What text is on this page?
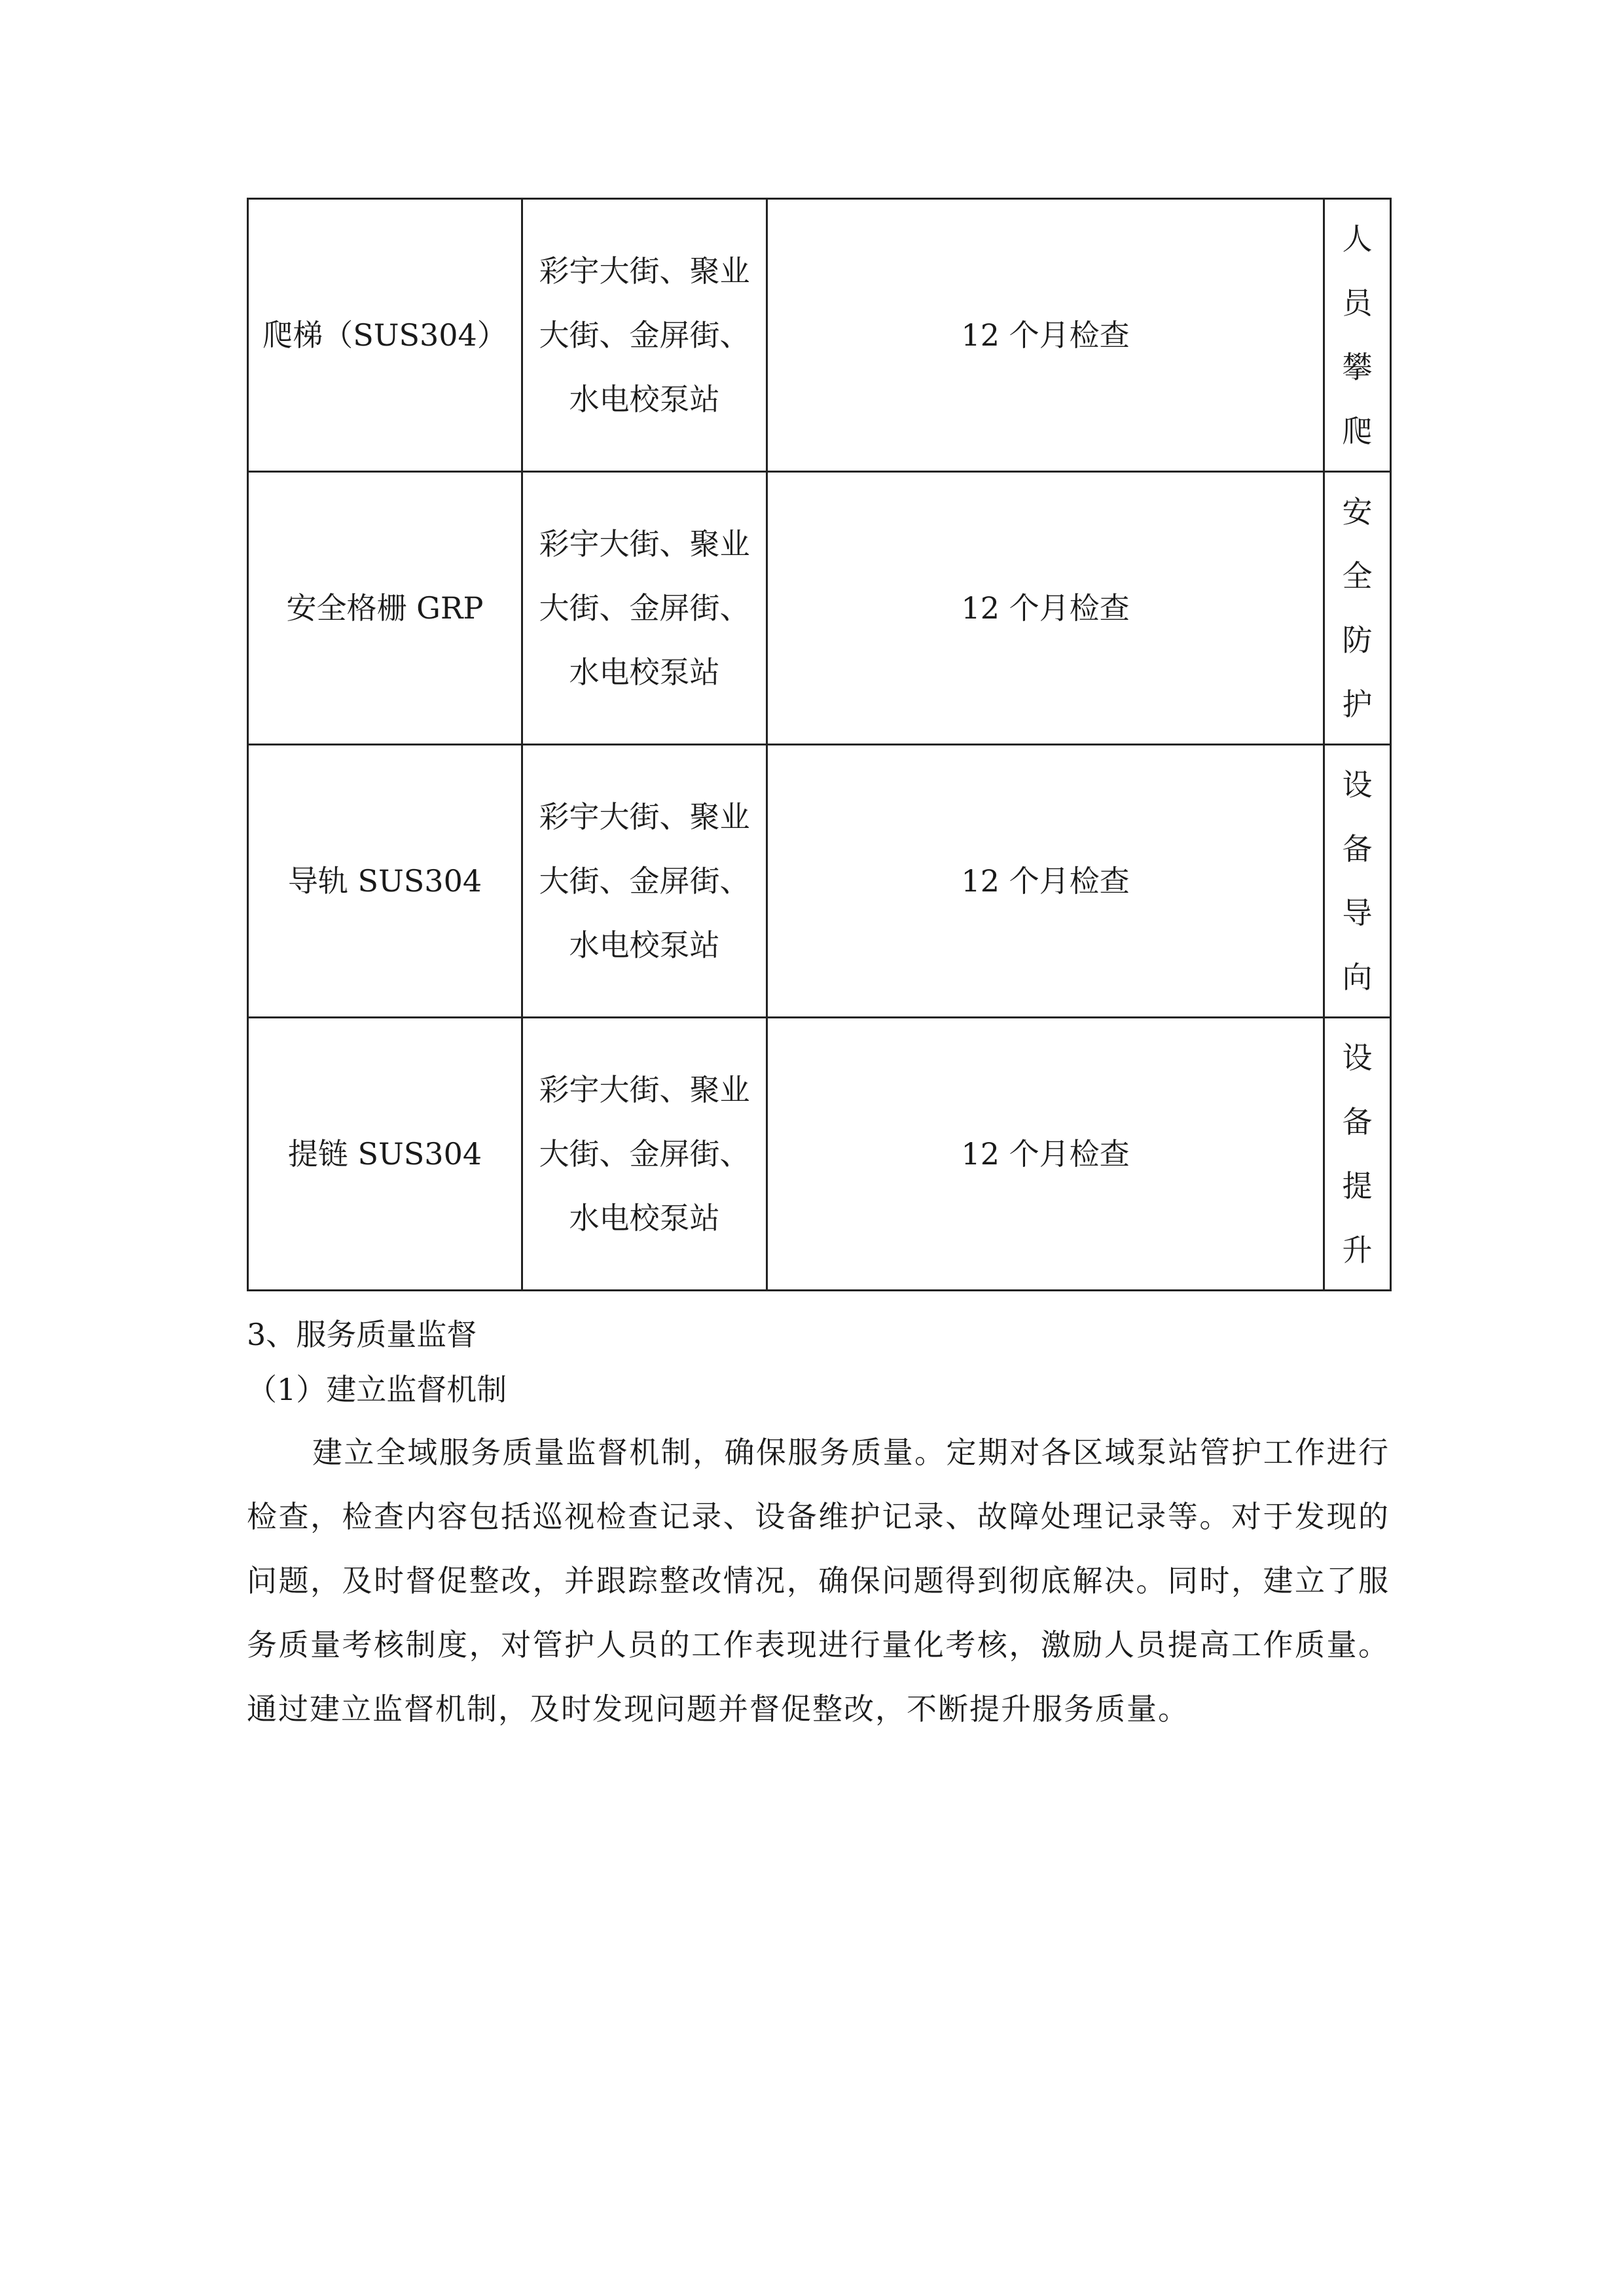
爬梯（SUS304）	彩宇大街、聚业大街、金屏街、水电校泵站	12 个月检查	人员攀爬

安全格栅 GRP	彩宇大街、聚业大街、金屏街、水电校泵站	12 个月检查	安全防护

导轨 SUS304	彩宇大街、聚业大街、金屏街、水电校泵站	12 个月检查	设备导向

提链 SUS304	彩宇大街、聚业大街、金屏街、水电校泵站	12 个月检查	设备提升
3、服务质量监督
（1）建立监督机制
建立全域服务质量监督机制，确保服务质量。定期对各区域泵站管护工作进行检查，检查内容包括巡视检查记录、设备维护记录、故障处理记录等。对于发现的问题，及时督促整改，并跟踪整改情况，确保问题得到彻底解决。同时，建立了服务质量考核制度，对管护人员的工作表现进行量化考核，激励人员提高工作质量。通过建立监督机制，及时发现问题并督促整改，不断提升服务质量。
